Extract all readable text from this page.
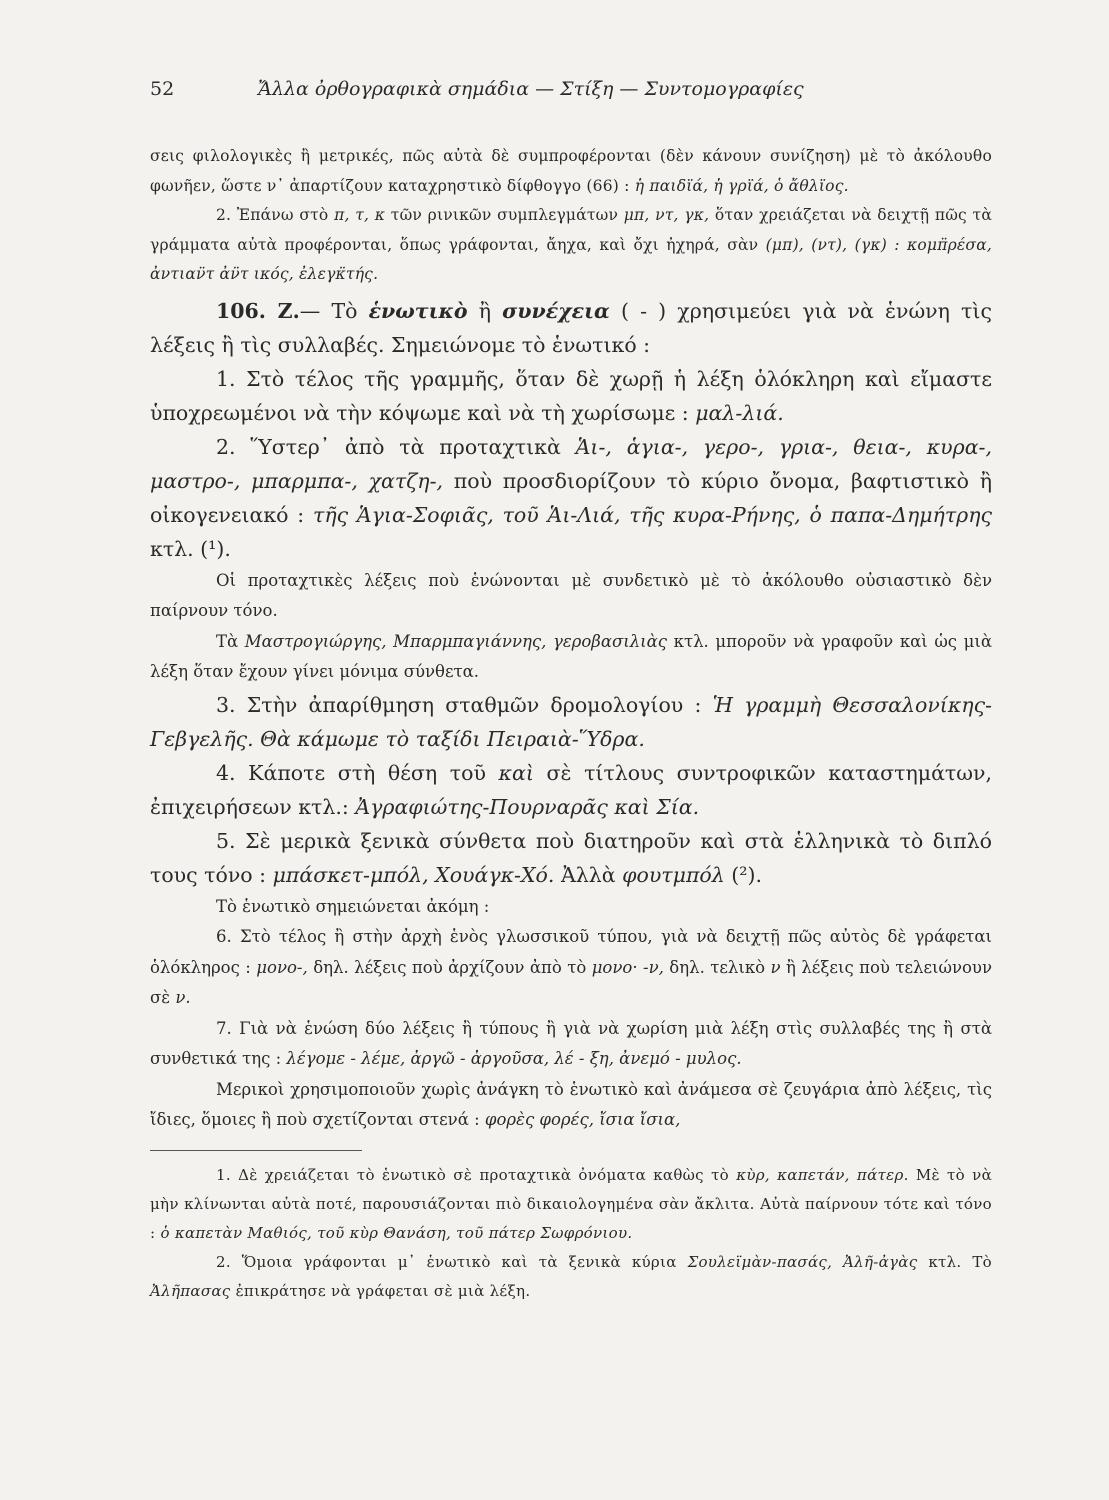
52	Ἄλλα ὀρθογραφικὰ σημάδια — Στίξη — Συντομογραφίες

σεις φιλολογικὲς ἢ μετρικές, πῶς αὐτὰ δὲ συμπροφέρονται (δὲν κάνουν συνίζηση) μὲ τὸ ἀκόλουθο φωνῆεν, ὥστε ν᾽ ἀπαρτίζουν καταχρηστικὸ δίφθογγο (66) : ἡ παιδϊά, ἡ γρϊά, ὁ ἄθλϊος.

2. Ἐπάνω στὸ π, τ, κ τῶν ρινικῶν συμπλεγμάτων μπ, ντ, γκ, ὅταν χρειάζεται νὰ δειχτῇ πῶς τὰ γράμματα αὐτὰ προφέρονται, ὅπως γράφονται, ἄηχα, καὶ ὄχι ἠχηρά, σὰν (μπ), (ντ), (γκ) : κομπ̈ρέσα, ἀντιαν̈τ ἀν̈τ ικός, ἐλεγκ̈τής.

106. Ζ.— Τὸ ἑνωτικὸ ἢ συνέχεια ( - ) χρησιμεύει γιὰ νὰ ἑνώνη τὶς λέξεις ἢ τὶς συλλαβές. Σημειώνομε τὸ ἑνωτικό :

1. Στὸ τέλος τῆς γραμμῆς, ὅταν δὲ χωρῇ ἡ λέξη ὁλόκληρη καὶ εἴμαστε ὑποχρεωμένοι νὰ τὴν κόψωμε καὶ νὰ τὴ χωρίσωμε : μαλ-λιά.

2. Ὕστερ᾽ ἀπὸ τὰ προταχτικὰ Ἁι-, ἁγια-, γερο-, γρια-, θεια-, κυρα-, μαστρο-, μπαρμπα-, χατζη-, ποὺ προσδιορίζουν τὸ κύριο ὄνομα, βαφτιστικὸ ἢ οἰκογενειακό : τῆς Ἁγια-Σοφιᾶς, τοῦ Ἁι-Λιά, τῆς κυρα-Ρήνης, ὁ παπα-Δημήτρης κτλ. (¹).

Οἱ προταχτικὲς λέξεις ποὺ ἑνώνονται μὲ συνδετικὸ μὲ τὸ ἀκόλουθο οὐσιαστικὸ δὲν παίρνουν τόνο.

Τὰ Μαστρογιώργης, Μπαρμπαγιάννης, γεροβασιλιὰς κτλ. μποροῦν νὰ γραφοῦν καὶ ὡς μιὰ λέξη ὅταν ἔχουν γίνει μόνιμα σύνθετα.

3. Στὴν ἀπαρίθμηση σταθμῶν δρομολογίου : Ἡ γραμμὴ Θεσσαλονίκης-Γεβγελῆς. Θὰ κάμωμε τὸ ταξίδι Πειραιὰ-Ὕδρα.

4. Κάποτε στὴ θέση τοῦ καὶ σὲ τίτλους συντροφικῶν καταστημάτων, ἐπιχειρήσεων κτλ.: Ἀγραφιώτης-Πουρναρᾶς καὶ Σία.

5. Σὲ μερικὰ ξενικὰ σύνθετα ποὺ διατηροῦν καὶ στὰ ἑλληνικὰ τὸ διπλό τους τόνο : μπάσκετ-μπόλ, Χουάγκ-Χό. Ἀλλὰ φουτμπόλ (²).

Τὸ ἑνωτικὸ σημειώνεται ἀκόμη :

6. Στὸ τέλος ἢ στὴν ἀρχὴ ἑνὸς γλωσσικοῦ τύπου, γιὰ νὰ δειχτῇ πῶς αὐτὸς δὲ γράφεται ὁλόκληρος : μονο-, δηλ. λέξεις ποὺ ἀρχίζουν ἀπὸ τὸ μονο· -ν, δηλ. τελικὸ ν ἢ λέξεις ποὺ τελειώνουν σὲ ν.

7. Γιὰ νὰ ἑνώση δύο λέξεις ἢ τύπους ἢ γιὰ νὰ χωρίση μιὰ λέξη στὶς συλλαβές της ἢ στὰ συνθετικά της : λέγομε - λέμε, ἀργῶ - ἀργοῦσα, λέ - ξη, ἀνεμό - μυλος.

Μερικοὶ χρησιμοποιοῦν χωρὶς ἀνάγκη τὸ ἑνωτικὸ καὶ ἀνάμεσα σὲ ζευγάρια ἀπὸ λέξεις, τὶς ἴδιες, ὅμοιες ἢ ποὺ σχετίζονται στενά : φορὲς φορές, ἴσια ἴσια,

1. Δὲ χρειάζεται τὸ ἑνωτικὸ σὲ προταχτικὰ ὀνόματα καθὼς τὸ κὺρ, καπετάν, πάτερ. Μὲ τὸ νὰ μὴν κλίνωνται αὐτὰ ποτέ, παρουσιάζονται πιὸ δικαιολογημένα σὰν ἄκλιτα. Αὐτὰ παίρνουν τότε καὶ τόνο : ὁ καπετὰν Μαθιός, τοῦ κὺρ Θανάση, τοῦ πάτερ Σωφρόνιου.

2. Ὅμοια γράφονται μ᾽ ἑνωτικὸ καὶ τὰ ξενικὰ κύρια Σουλεϊμὰν-πασάς, Ἀλῆ-ἀγὰς κτλ. Τὸ Ἀλῆπασας ἐπικράτησε νὰ γράφεται σὲ μιὰ λέξη.
